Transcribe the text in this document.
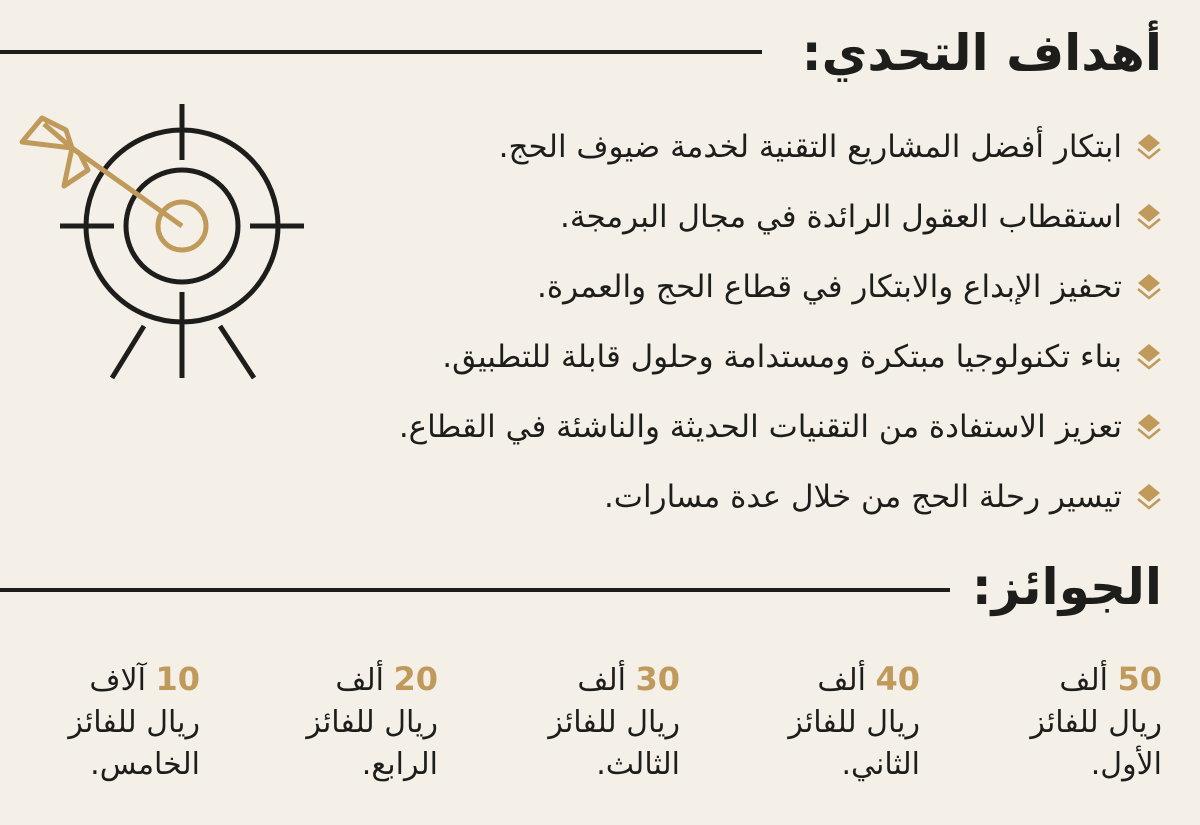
أهداف التحدي:
ابتكار أفضل المشاريع التقنية لخدمة ضيوف الحج.
استقطاب العقول الرائدة في مجال البرمجة.
تحفيز الإبداع والابتكار في قطاع الحج والعمرة.
بناء تكنولوجيا مبتكرة ومستدامة وحلول قابلة للتطبيق.
تعزيز الاستفادة من التقنيات الحديثة والناشئة في القطاع.
تيسير رحلة الحج من خلال عدة مسارات.
الجوائز:
50 ألف
ريال للفائز
الأول.
40 ألف
ريال للفائز
الثاني.
30 ألف
ريال للفائز
الثالث.
20 ألف
ريال للفائز
الرابع.
10 آلاف
ريال للفائز
الخامس.
